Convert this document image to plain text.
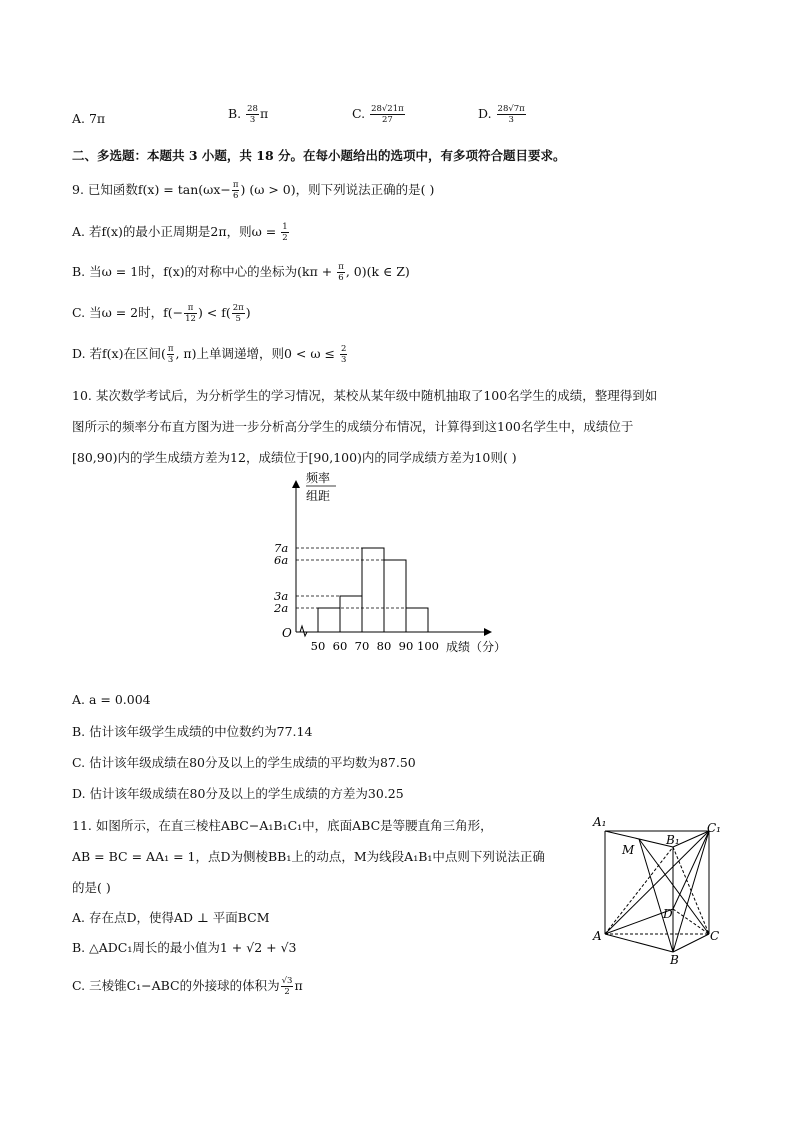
A. 7π	B. $\frac{28}{3}$ π	C. $\frac{28√21\pi}{27}$	D. $\frac{28√7\pi}{3}$
二、多选题：本题共 3 小题，共 18 分。在每小题给出的选项中，有多项符合题目要求。
9. 已知函数$f(x) = \tan(\omega x- \frac{\pi}{6}$ ) (ω > 0)，则下列说法正确的是( )
A. 若f(x)的最小正周期是2π，则$\omega = \frac{1}{2}$
B. 当ω = 1时，f(x)的对称中心的坐标为($k\pi + \frac{\pi}{6}$ , 0)(k ∈ Z)
C. 当ω = 2时，$f(- \frac{\pi}{12}$ ) < $f( \frac{2\pi}{5}$ )
D. 若f(x)在区间( $\frac{\pi}{3}$ , π)上单调递增，则$0 < \omega \le \frac{2}{3}$
10. 某次数学考试后，为分析学生的学习情况，某校从某年级中随机抽取了100名学生的成绩，整理得到如
图所示的频率分布直方图为进一步分析高分学生的成绩分布情况，计算得到这100名学生中，成绩位于
[80,90)内的学生成绩方差为12，成绩位于[90,100)内的同学成绩方差为10则( )
O
频率
组距
成绩（分）
7a
6a
3a
2a
50 60 70 80 90 100
A. a = 0.004
B. 估计该年级学生成绩的中位数约为77.14
C. 估计该年级成绩在80分及以上的学生成绩的平均数为87.50
D. 估计该年级成绩在80分及以上的学生成绩的方差为30.25
11. 如图所示，在直三棱柱ABC−A₁B₁C₁中，底面ABC是等腰直角三角形，
AB = BC = AA₁ = 1，点D为侧棱BB₁上的动点，M为线段A₁B₁中点则下列说法正确
的是( )
A. 存在点D，使得AD ⊥ 平面BCM
B. △ADC₁周长的最小值为1 + √2 + √3
C. 三棱锥C₁−ABC的外接球的体积为 $\frac{√3}{2}$ π
A₁
B₁
C₁
M
D
A	C
B
